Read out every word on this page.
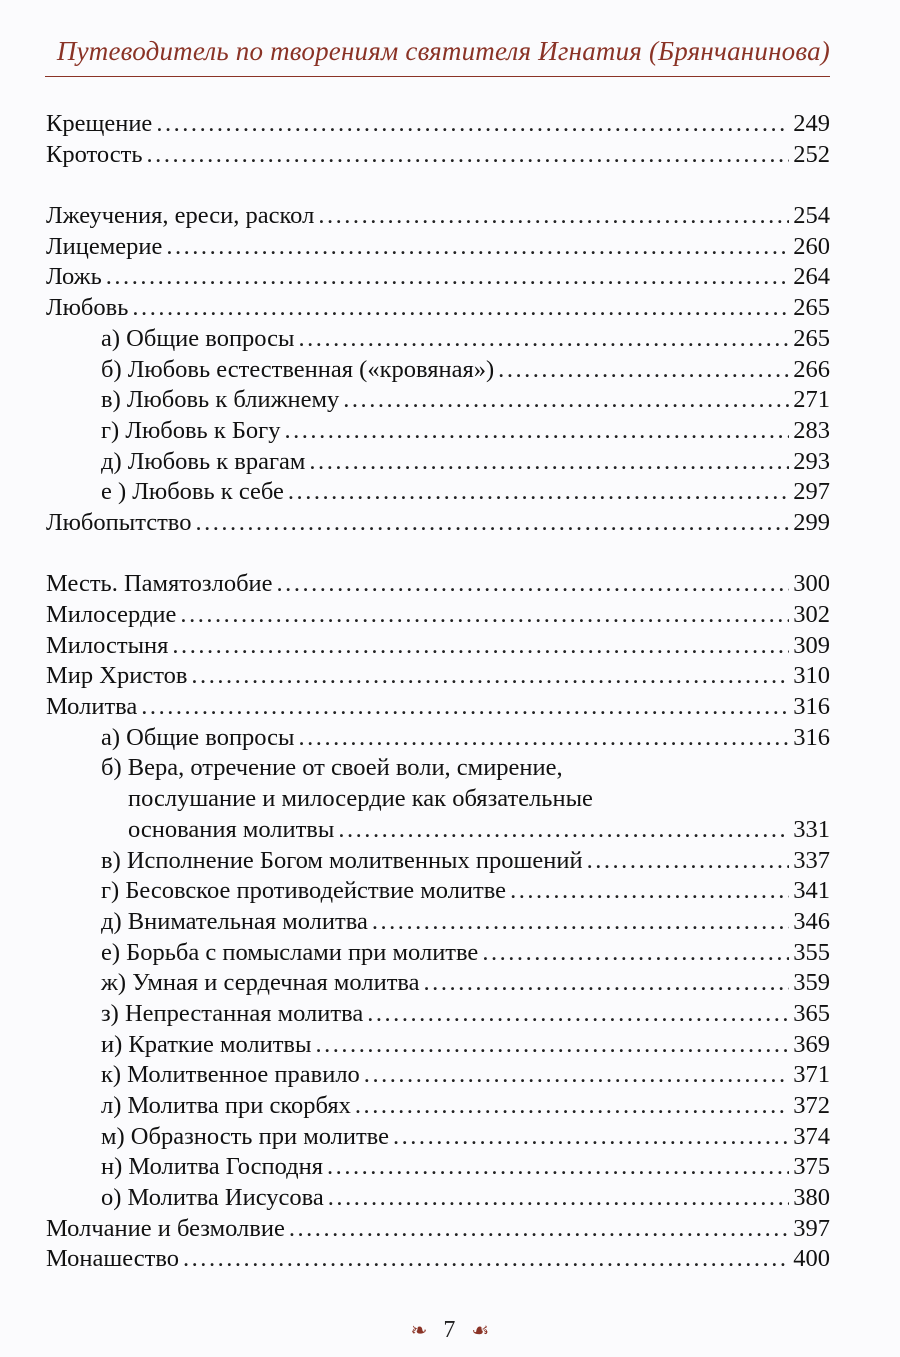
Путеводитель по творениям святителя Игнатия (Брянчанинова)
Крещение . . .	249
Кротость . . .	252
Лжеучения, ереси, раскол . . .	254
Лицемерие . . .	260
Ложь . . .	264
Любовь . . .	265
а) Общие вопросы . . .	265
б) Любовь естественная («кровяная») . . .	266
в) Любовь к ближнему . . .	271
г) Любовь к Богу . . .	283
д) Любовь к врагам . . .	293
е ) Любовь к себе . . .	297
Любопытство . . .	299
Месть. Памятозлобие . . .	300
Милосердие . . .	302
Милостыня . . .	309
Мир Христов . . .	310
Молитва . . .	316
а) Общие вопросы . . .	316
б) Вера, отречение от своей воли, смирение,
послушание и милосердие как обязательные
основания молитвы . . .	331
в) Исполнение Богом молитвенных прошений . . .	337
г) Бесовское противодействие молитве . . .	341
д) Внимательная молитва . . .	346
е) Борьба с помыслами при молитве . . .	355
ж) Умная и сердечная молитва . . .	359
з) Непрестанная молитва . . .	365
и) Краткие молитвы . . .	369
к) Молитвенное правило . . .	371
л) Молитва при скорбях . . .	372
м) Образность при молитве . . .	374
н) Молитва Господня . . .	375
о) Молитва Иисусова . . .	380
Молчание и безмолвие . . .	397
Монашество . . .	400
❧ 7 ☙
